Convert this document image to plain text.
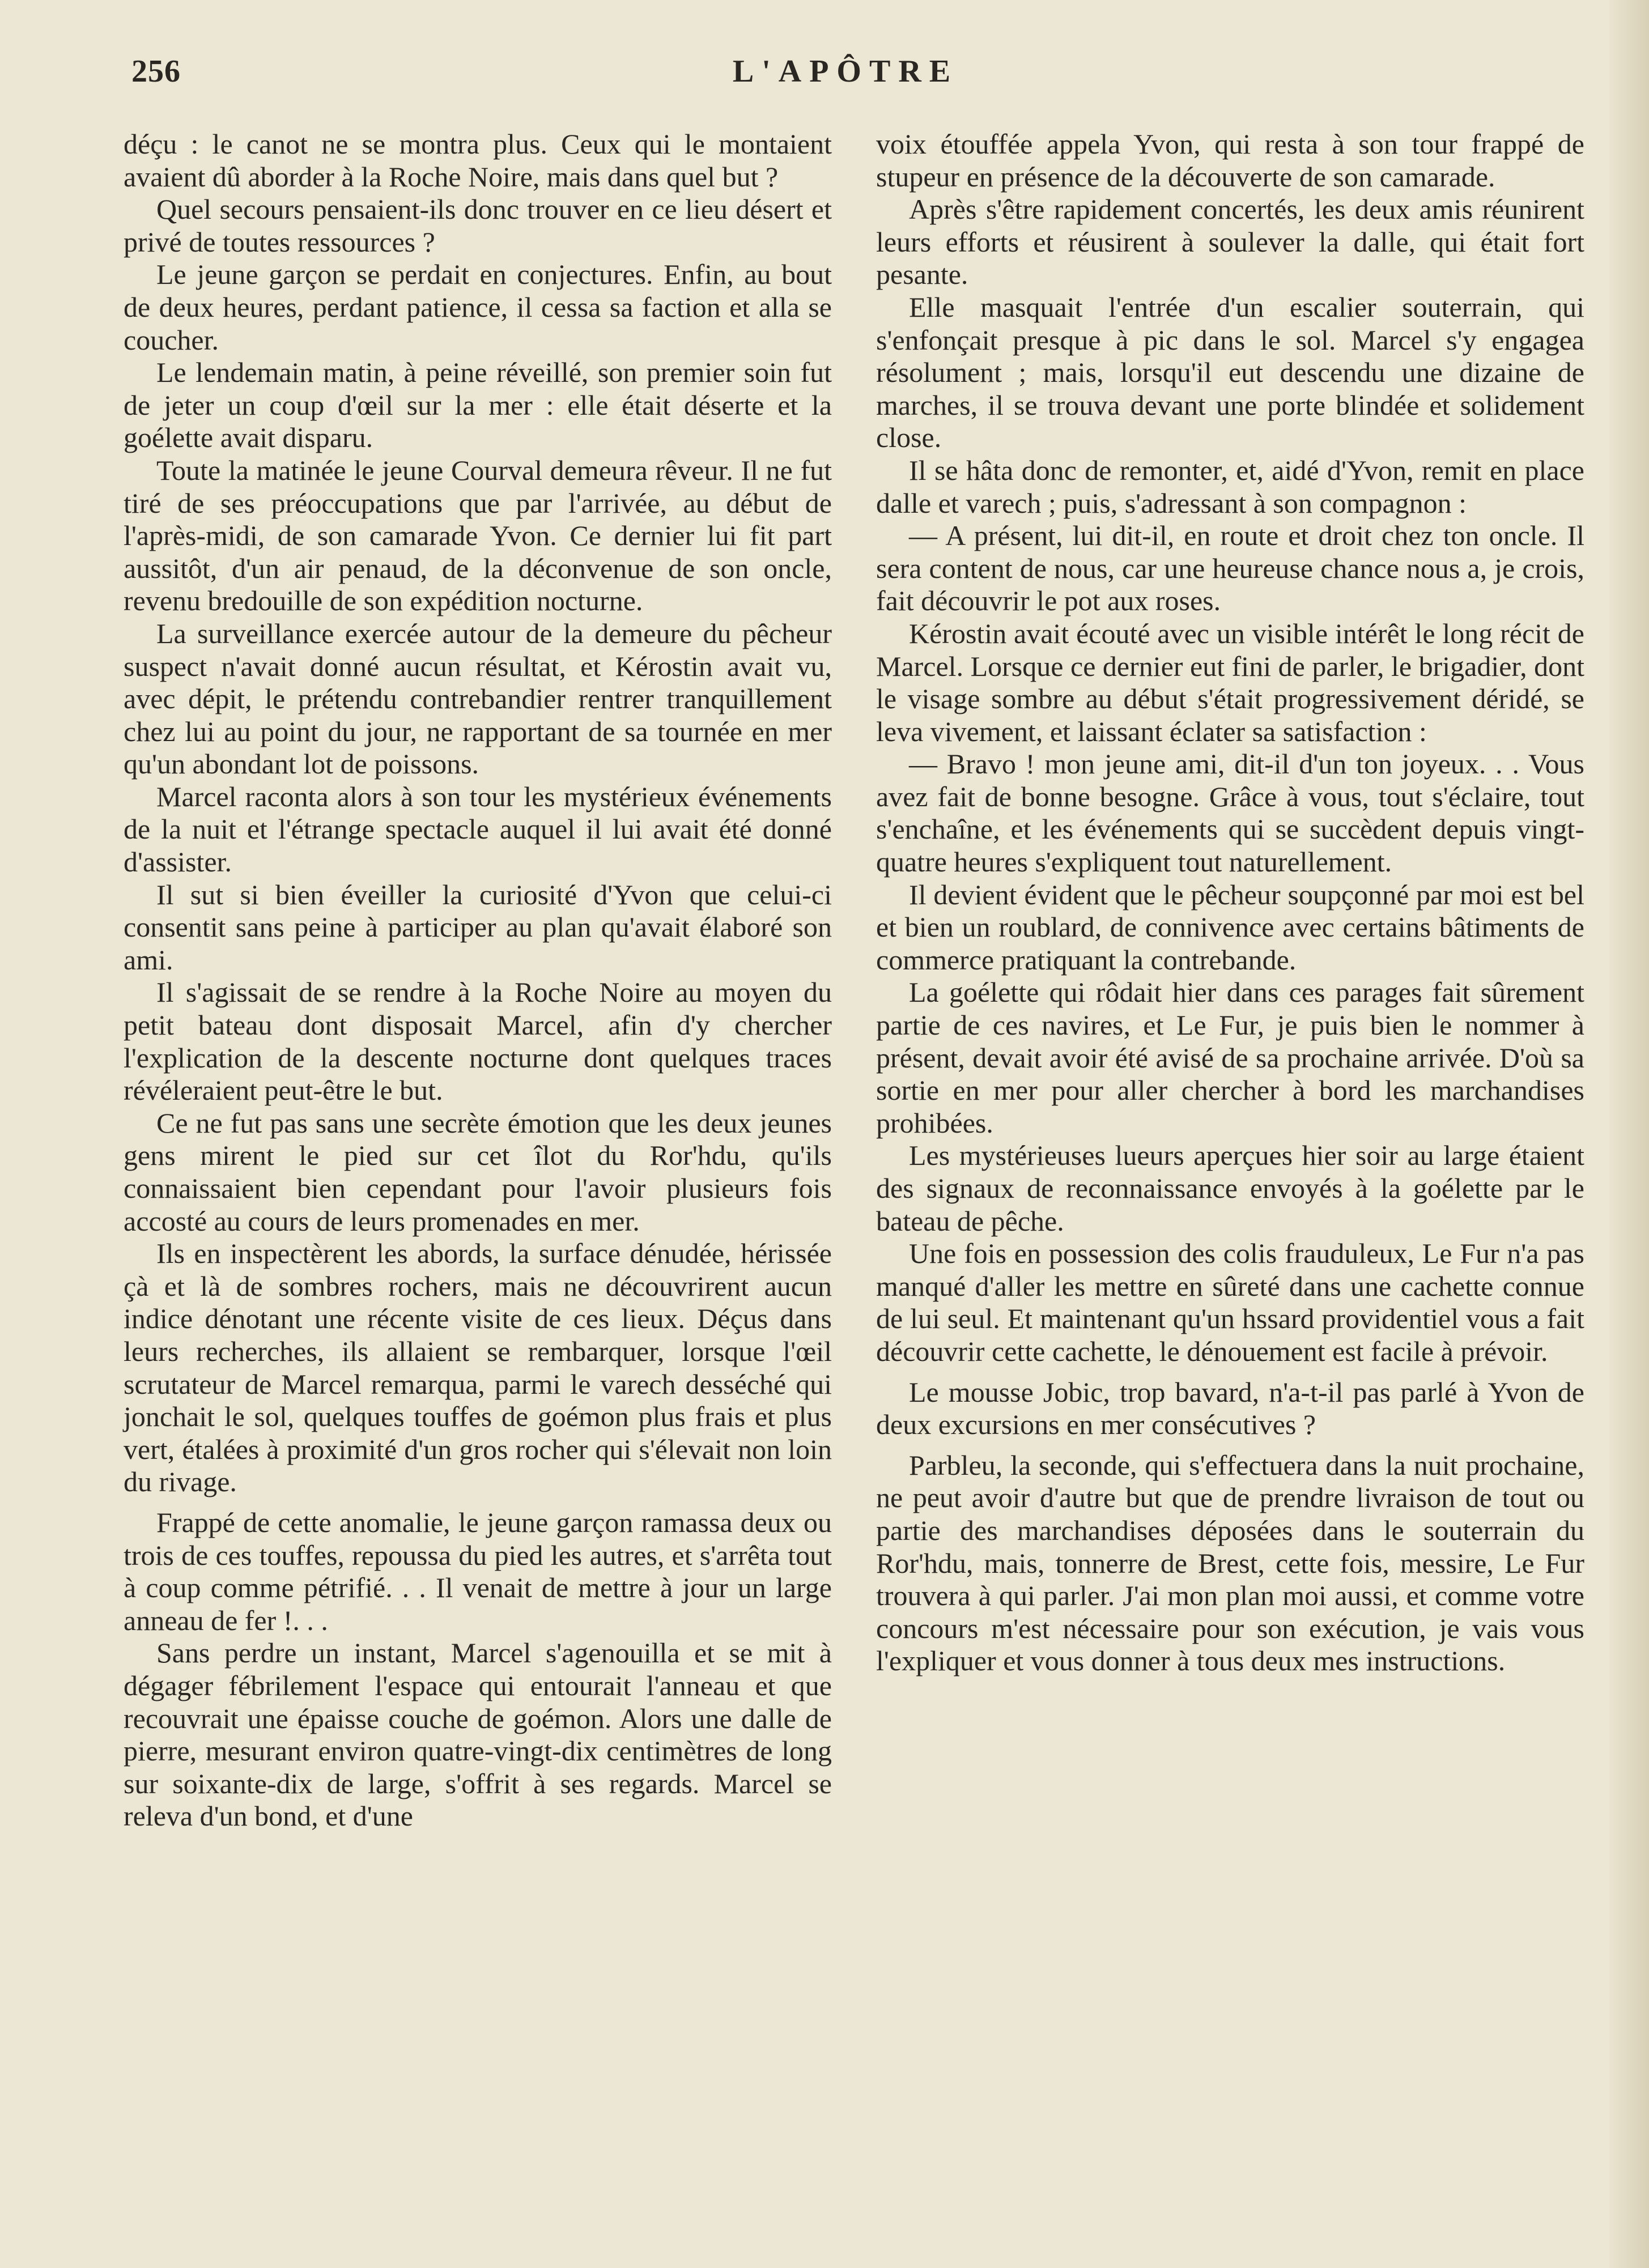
256	L'APÔTRE

déçu : le canot ne se montra plus. Ceux qui le montaient avaient dû aborder à la Roche Noire, mais dans quel but ?

Quel secours pensaient-ils donc trouver en ce lieu désert et privé de toutes ressources ?

Le jeune garçon se perdait en conjectures. Enfin, au bout de deux heures, perdant patience, il cessa sa faction et alla se coucher.

Le lendemain matin, à peine réveillé, son premier soin fut de jeter un coup d'œil sur la mer : elle était déserte et la goélette avait disparu.

Toute la matinée le jeune Courval demeura rêveur. Il ne fut tiré de ses préoccupations que par l'arrivée, au début de l'après-midi, de son camarade Yvon. Ce dernier lui fit part aussitôt, d'un air penaud, de la déconvenue de son oncle, revenu bredouille de son expédition nocturne.

La surveillance exercée autour de la demeure du pêcheur suspect n'avait donné aucun résultat, et Kérostin avait vu, avec dépit, le prétendu contrebandier rentrer tranquillement chez lui au point du jour, ne rapportant de sa tournée en mer qu'un abondant lot de poissons.

Marcel raconta alors à son tour les mystérieux événements de la nuit et l'étrange spectacle auquel il lui avait été donné d'assister.

Il sut si bien éveiller la curiosité d'Yvon que celui-ci consentit sans peine à participer au plan qu'avait élaboré son ami.

Il s'agissait de se rendre à la Roche Noire au moyen du petit bateau dont disposait Marcel, afin d'y chercher l'explication de la descente nocturne dont quelques traces révéleraient peut-être le but.

Ce ne fut pas sans une secrète émotion que les deux jeunes gens mirent le pied sur cet îlot du Ror'hdu, qu'ils connaissaient bien cependant pour l'avoir plusieurs fois accosté au cours de leurs promenades en mer.

Ils en inspectèrent les abords, la surface dénudée, hérissée çà et là de sombres rochers, mais ne découvrirent aucun indice dénotant une récente visite de ces lieux. Déçus dans leurs recherches, ils allaient se rembarquer, lorsque l'œil scrutateur de Marcel remarqua, parmi le varech desséché qui jonchait le sol, quelques touffes de goémon plus frais et plus vert, étalées à proximité d'un gros rocher qui s'élevait non loin du rivage.

Frappé de cette anomalie, le jeune garçon ramassa deux ou trois de ces touffes, repoussa du pied les autres, et s'arrêta tout à coup comme pétrifié. . . Il venait de mettre à jour un large anneau de fer !. . .

Sans perdre un instant, Marcel s'agenouilla et se mit à dégager fébrilement l'espace qui entourait l'anneau et que recouvrait une épaisse couche de goémon. Alors une dalle de pierre, mesurant environ quatre-vingt-dix centimètres de long sur soixante-dix de large, s'offrit à ses regards. Marcel se releva d'un bond, et d'une

voix étouffée appela Yvon, qui resta à son tour frappé de stupeur en présence de la découverte de son camarade.

Après s'être rapidement concertés, les deux amis réunirent leurs efforts et réusirent à soulever la dalle, qui était fort pesante.

Elle masquait l'entrée d'un escalier souterrain, qui s'enfonçait presque à pic dans le sol. Marcel s'y engagea résolument ; mais, lorsqu'il eut descendu une dizaine de marches, il se trouva devant une porte blindée et solidement close.

Il se hâta donc de remonter, et, aidé d'Yvon, remit en place dalle et varech ; puis, s'adressant à son compagnon :

— A présent, lui dit-il, en route et droit chez ton oncle. Il sera content de nous, car une heureuse chance nous a, je crois, fait découvrir le pot aux roses.

Kérostin avait écouté avec un visible intérêt le long récit de Marcel. Lorsque ce dernier eut fini de parler, le brigadier, dont le visage sombre au début s'était progressivement déridé, se leva vivement, et laissant éclater sa satisfaction :

— Bravo ! mon jeune ami, dit-il d'un ton joyeux. . . Vous avez fait de bonne besogne. Grâce à vous, tout s'éclaire, tout s'enchaîne, et les événements qui se succèdent depuis vingt-quatre heures s'expliquent tout naturellement.

Il devient évident que le pêcheur soupçonné par moi est bel et bien un roublard, de connivence avec certains bâtiments de commerce pratiquant la contrebande.

La goélette qui rôdait hier dans ces parages fait sûrement partie de ces navires, et Le Fur, je puis bien le nommer à présent, devait avoir été avisé de sa prochaine arrivée. D'où sa sortie en mer pour aller chercher à bord les marchandises prohibées.

Les mystérieuses lueurs aperçues hier soir au large étaient des signaux de reconnaissance envoyés à la goélette par le bateau de pêche.

Une fois en possession des colis frauduleux, Le Fur n'a pas manqué d'aller les mettre en sûreté dans une cachette connue de lui seul. Et maintenant qu'un hssard providentiel vous a fait découvrir cette cachette, le dénouement est facile à prévoir.

Le mousse Jobic, trop bavard, n'a-t-il pas parlé à Yvon de deux excursions en mer consécutives ?

Parbleu, la seconde, qui s'effectuera dans la nuit prochaine, ne peut avoir d'autre but que de prendre livraison de tout ou partie des marchandises déposées dans le souterrain du Ror'hdu, mais, tonnerre de Brest, cette fois, messire, Le Fur trouvera à qui parler. J'ai mon plan moi aussi, et comme votre concours m'est nécessaire pour son exécution, je vais vous l'expliquer et vous donner à tous deux mes instructions.
